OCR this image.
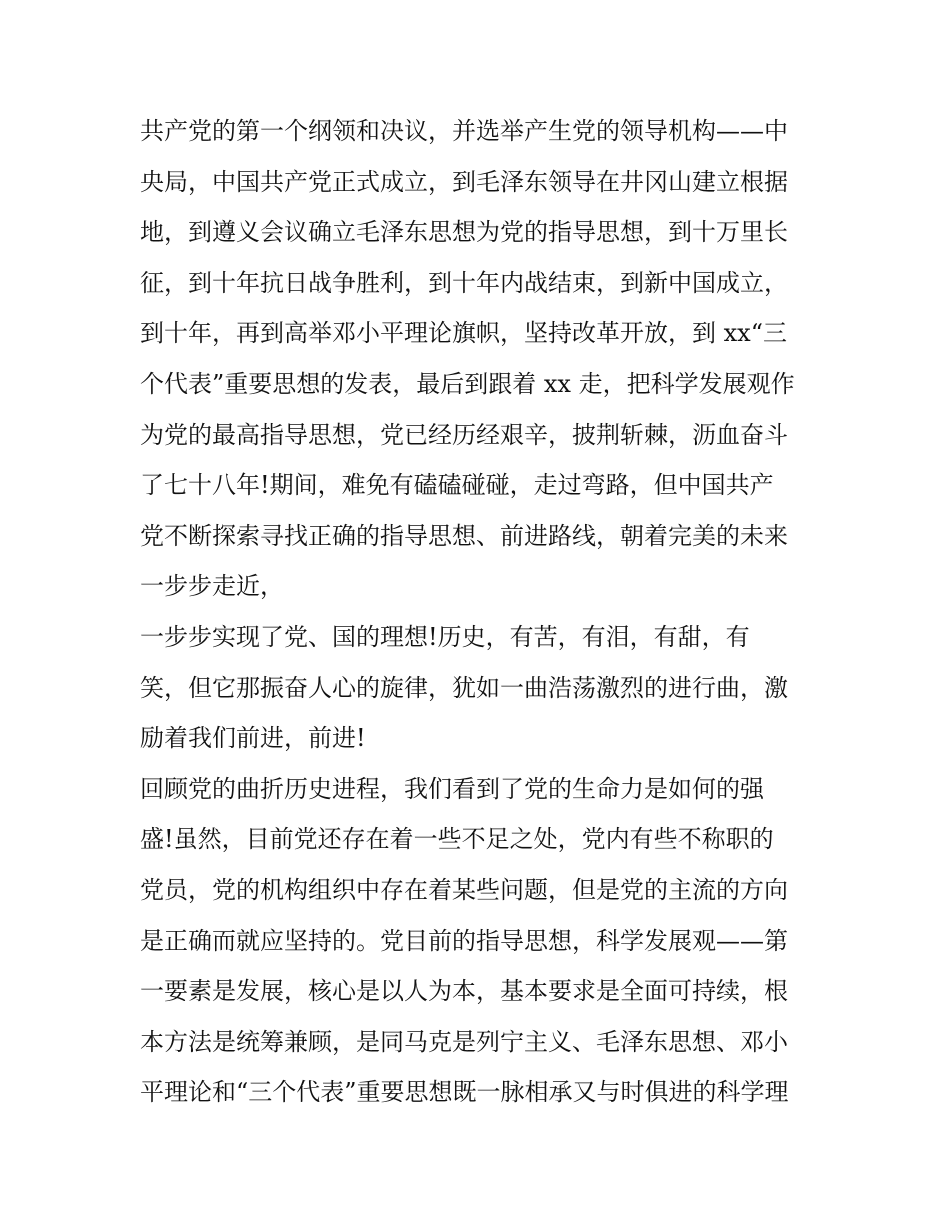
共产党的第一个纲领和决议，并选举产生党的领导机构——中
央局，中国共产党正式成立，到毛泽东领导在井冈山建立根据
地，到遵义会议确立毛泽东思想为党的指导思想，到十万里长
征，到十年抗日战争胜利，到十年内战结束，到新中国成立，
到十年，再到高举邓小平理论旗帜，坚持改革开放，到 xx“三
个代表”重要思想的发表，最后到跟着 xx 走，把科学发展观作
为党的最高指导思想，党已经历经艰辛，披荆斩棘，沥血奋斗
了七十八年!期间，难免有磕磕碰碰，走过弯路，但中国共产
党不断探索寻找正确的指导思想、前进路线，朝着完美的未来
一步步走近，
一步步实现了党、国的理想!历史，有苦，有泪，有甜，有
笑，但它那振奋人心的旋律，犹如一曲浩荡激烈的进行曲，激
励着我们前进，前进!
回顾党的曲折历史进程，我们看到了党的生命力是如何的强
盛!虽然，目前党还存在着一些不足之处，党内有些不称职的
党员，党的机构组织中存在着某些问题，但是党的主流的方向
是正确而就应坚持的。党目前的指导思想，科学发展观——第
一要素是发展，核心是以人为本，基本要求是全面可持续，根
本方法是统筹兼顾，是同马克是列宁主义、毛泽东思想、邓小
平理论和“三个代表”重要思想既一脉相承又与时俱进的科学理
